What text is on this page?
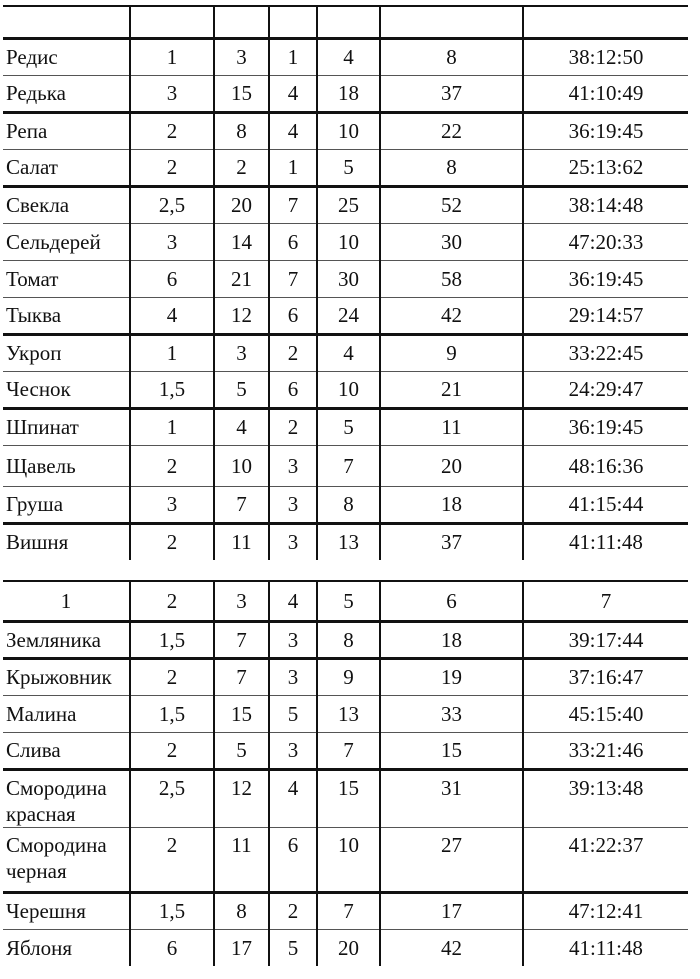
Редис	1	3	1	4	8	38:12:50
Редька	3	15	4	18	37	41:10:49
Репа	2	8	4	10	22	36:19:45
Салат	2	2	1	5	8	25:13:62
Свекла	2,5	20	7	25	52	38:14:48
Сельдерей	3	14	6	10	30	47:20:33
Томат	6	21	7	30	58	36:19:45
Тыква	4	12	6	24	42	29:14:57
Укроп	1	3	2	4	9	33:22:45
Чеснок	1,5	5	6	10	21	24:29:47
Шпинат	1	4	2	5	11	36:19:45
Щавель	2	10	3	7	20	48:16:36
Груша	3	7	3	8	18	41:15:44
Вишня	2	11	3	13	37	41:11:48
1	2	3	4	5	6	7
Земляника	1,5	7	3	8	18	39:17:44
Крыжовник	2	7	3	9	19	37:16:47
Малина	1,5	15	5	13	33	45:15:40
Слива	2	5	3	7	15	33:21:46
Смородина красная	2,5	12	4	15	31	39:13:48
Смородина черная	2	11	6	10	27	41:22:37
Черешня	1,5	8	2	7	17	47:12:41
Яблоня	6	17	5	20	42	41:11:48
